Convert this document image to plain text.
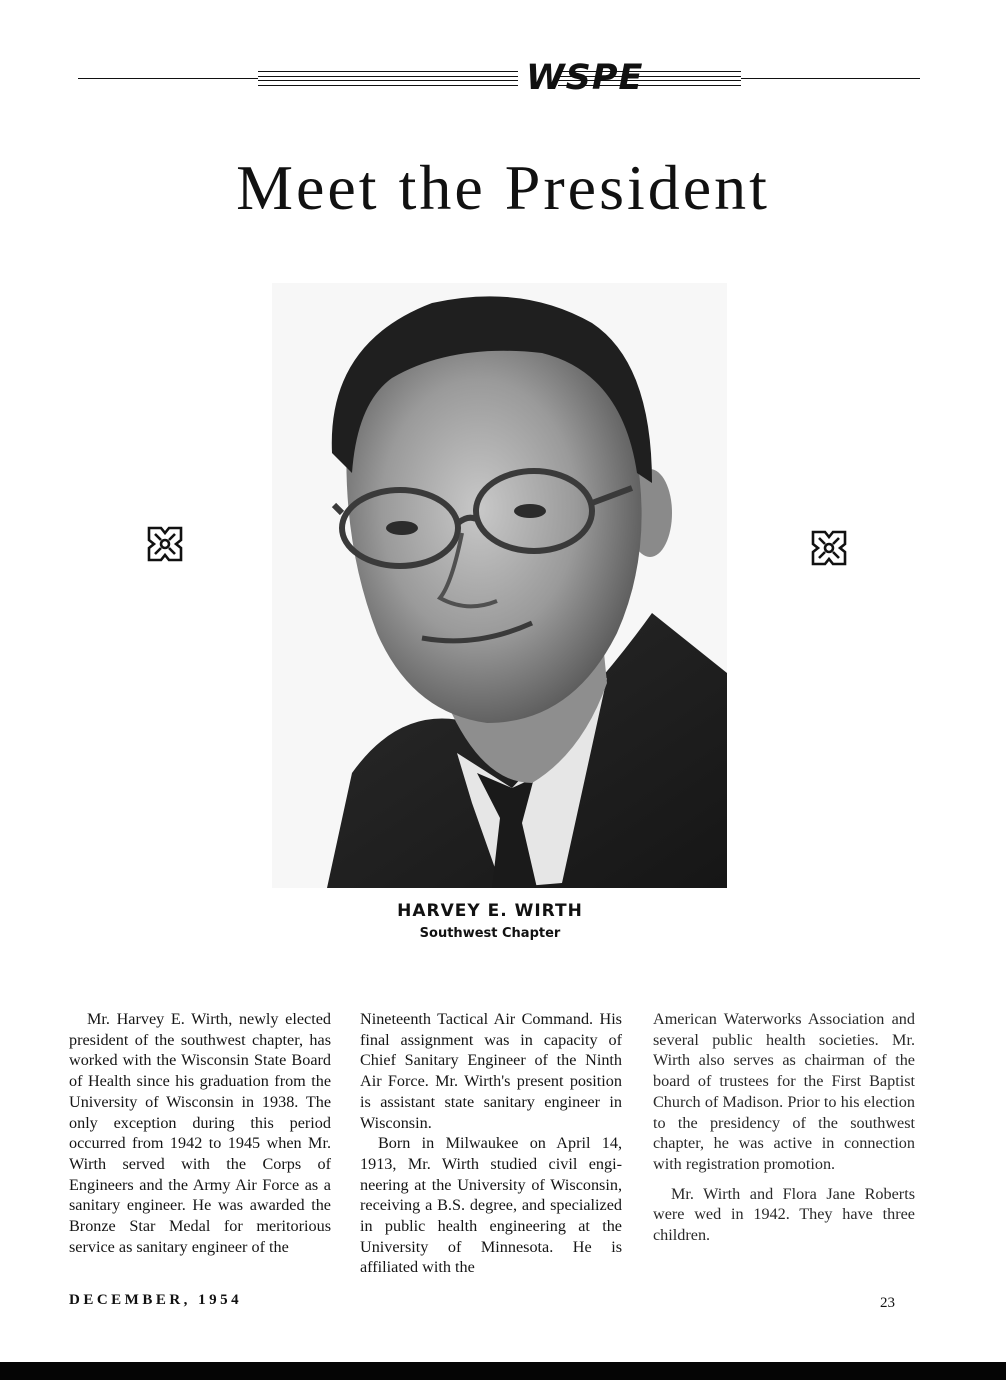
WSPE
Meet the President
HARVEY E. WIRTH
Southwest Chapter

Mr. Harvey E. Wirth, newly elected president of the southwest chapter, has worked with the Wisconsin State Board of Health since his graduation from the University of Wisconsin in 1938. The only exception during this period occurred from 1942 to 1945 when Mr. Wirth served with the Corps of Engineers and the Army Air Force as a sanitary engineer. He was awarded the Bronze Star Medal for meritorious service as sanitary engineer of the

Nineteenth Tactical Air Command. His final assignment was in capacity of Chief Sanitary Engineer of the Ninth Air Force. Mr. Wirth's present position is assistant state sanitary engineer in Wisconsin.

Born in Milwaukee on April 14, 1913, Mr. Wirth studied civil engineering at the University of Wisconsin, receiving a B.S. degree, and specialized in public health engineering at the University of Minnesota. He is affiliated with the

American Waterworks Association and several public health societies. Mr. Wirth also serves as chairman of the board of trustees for the First Baptist Church of Madison. Prior to his election to the presidency of the southwest chapter, he was active in connection with registration promotion.

Mr. Wirth and Flora Jane Roberts were wed in 1942. They have three children.

DECEMBER, 1954	23
